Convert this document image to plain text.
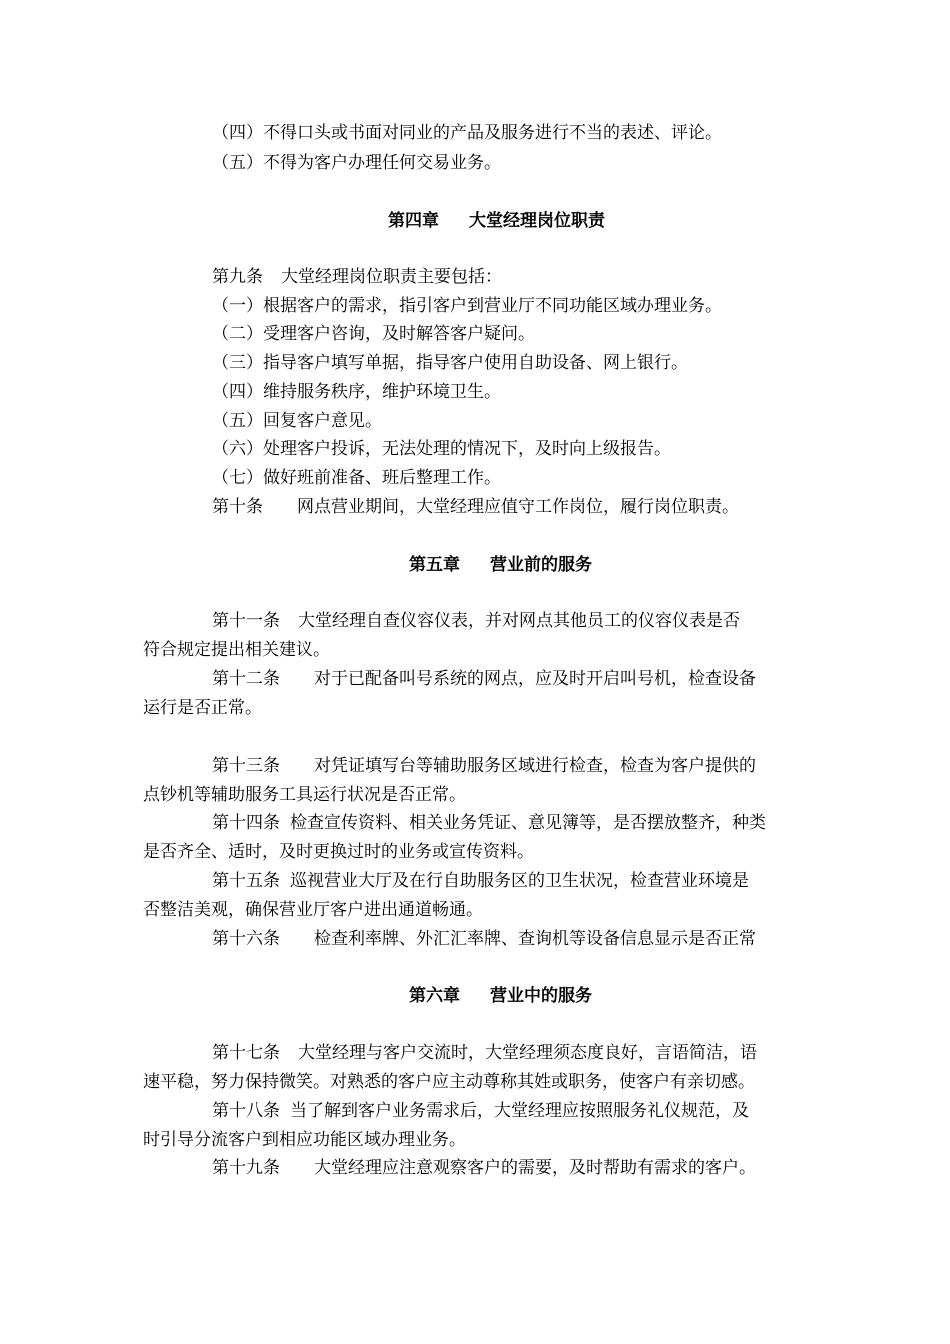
（四）不得口头或书面对同业的产品及服务进行不当的表述、评论。
（五）不得为客户办理任何交易业务。
第四章 大堂经理岗位职责
第九条 大堂经理岗位职责主要包括：
（一）根据客户的需求，指引客户到营业厅不同功能区域办理业务。
（二）受理客户咨询，及时解答客户疑问。
（三）指导客户填写单据，指导客户使用自助设备、网上银行。
（四）维持服务秩序，维护环境卫生。
（五）回复客户意见。
（六）处理客户投诉，无法处理的情况下，及时向上级报告。
（七）做好班前准备、班后整理工作。
第十条 网点营业期间，大堂经理应值守工作岗位，履行岗位职责。
第五章 营业前的服务
第十一条 大堂经理自查仪容仪表，并对网点其他员工的仪容仪表是否
符合规定提出相关建议。
第十二条 对于已配备叫号系统的网点，应及时开启叫号机，检查设备
运行是否正常。
第十三条 对凭证填写台等辅助服务区域进行检查，检查为客户提供的
点钞机等辅助服务工具运行状况是否正常。
第十四条 检查宣传资料、相关业务凭证、意见簿等，是否摆放整齐，种类
是否齐全、适时，及时更换过时的业务或宣传资料。
第十五条 巡视营业大厅及在行自助服务区的卫生状况，检查营业环境是
否整洁美观，确保营业厅客户进出通道畅通。
第十六条 检查利率牌、外汇汇率牌、查询机等设备信息显示是否正常
第六章 营业中的服务
第十七条 大堂经理与客户交流时，大堂经理须态度良好，言语简洁，语
速平稳，努力保持微笑。对熟悉的客户应主动尊称其姓或职务，使客户有亲切感。
第十八条 当了解到客户业务需求后，大堂经理应按照服务礼仪规范，及
时引导分流客户到相应功能区域办理业务。
第十九条 大堂经理应注意观察客户的需要，及时帮助有需求的客户。
